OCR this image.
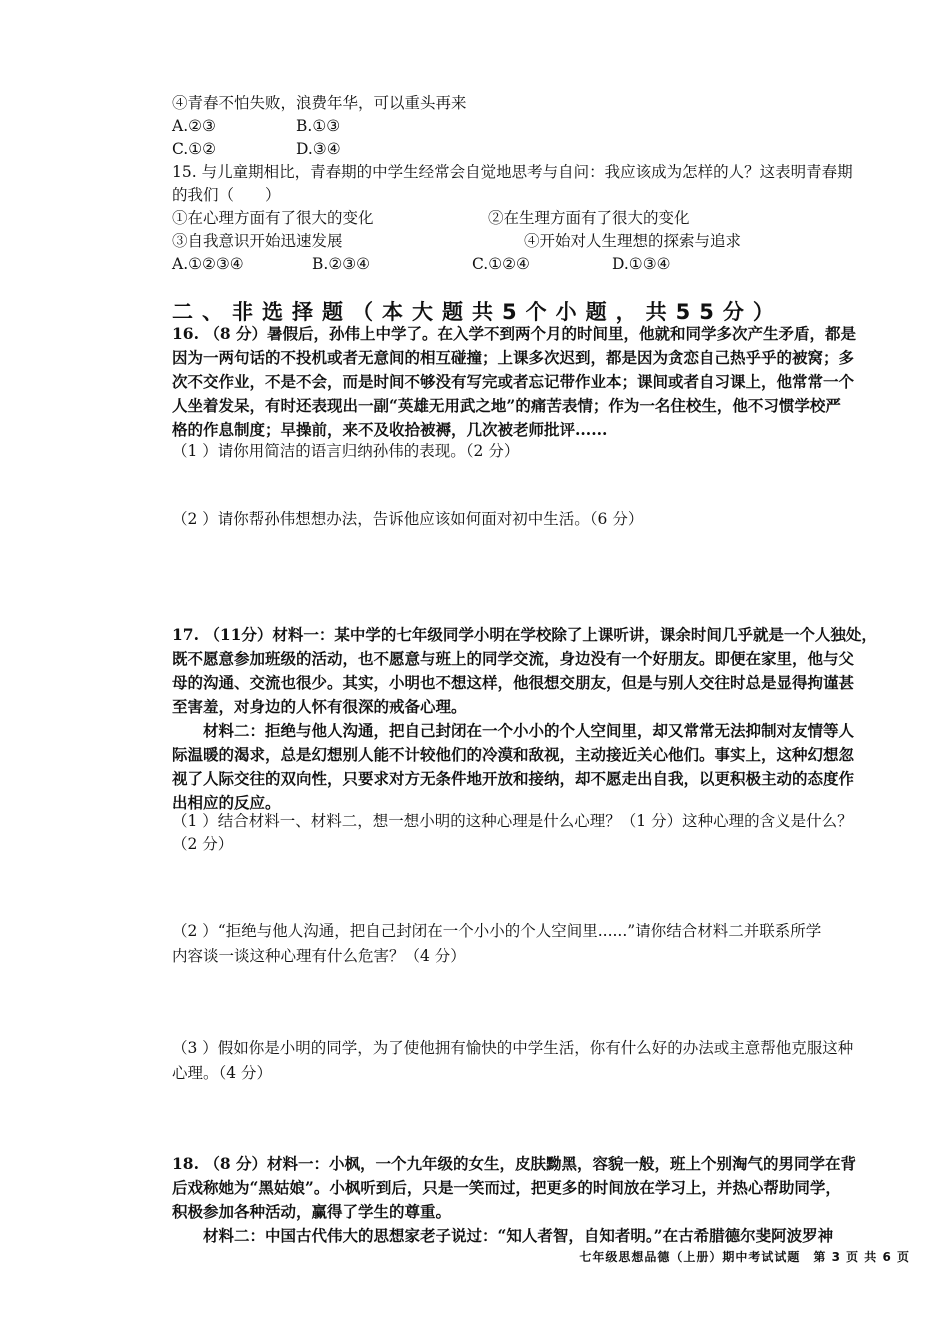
④青春不怕失败，浪费年华，可以重头再来
A.②③	B.①③
C.①②	D.③④
15. 与儿童期相比，青春期的中学生经常会自觉地思考与自问：我应该成为怎样的人？这表明青春期
的我们（　　）
①在心理方面有了很大的变化	②在生理方面有了很大的变化
③自我意识开始迅速发展	④开始对人生理想的探索与追求
A.①②③④	B.②③④	C.①②④	D.①③④
二、非选择题（本大题共5个小题，共55分）
16. （8 分）暑假后，孙伟上中学了。在入学不到两个月的时间里，他就和同学多次产生矛盾，都是
因为一两句话的不投机或者无意间的相互碰撞；上课多次迟到，都是因为贪恋自己热乎乎的被窝；多
次不交作业，不是不会，而是时间不够没有写完或者忘记带作业本；课间或者自习课上，他常常一个
人坐着发呆，有时还表现出一副“英雄无用武之地”的痛苦表情；作为一名住校生，他不习惯学校严
格的作息制度；早操前，来不及收拾被褥，几次被老师批评......
（1 ）请你用简洁的语言归纳孙伟的表现。（2 分）
（2 ）请你帮孙伟想想办法，告诉他应该如何面对初中生活。（6 分）
17. （11分）材料一：某中学的七年级同学小明在学校除了上课听讲，课余时间几乎就是一个人独处，
既不愿意参加班级的活动，也不愿意与班上的同学交流，身边没有一个好朋友。即便在家里，他与父
母的沟通、交流也很少。其实，小明也不想这样，他很想交朋友，但是与别人交往时总是显得拘谨甚
至害羞，对身边的人怀有很深的戒备心理。
　　材料二：拒绝与他人沟通，把自己封闭在一个小小的个人空间里，却又常常无法抑制对友情等人
际温暖的渴求，总是幻想别人能不计较他们的冷漠和敌视，主动接近关心他们。事实上，这种幻想忽
视了人际交往的双向性，只要求对方无条件地开放和接纳，却不愿走出自我，以更积极主动的态度作
出相应的反应。
（1 ）结合材料一、材料二，想一想小明的这种心理是什么心理？（1 分）这种心理的含义是什么？
（2 分）
（2 ）“拒绝与他人沟通，把自己封闭在一个小小的个人空间里......”请你结合材料二并联系所学
内容谈一谈这种心理有什么危害？（4 分）
（3 ）假如你是小明的同学，为了使他拥有愉快的中学生活，你有什么好的办法或主意帮他克服这种
心理。（4 分）
18. （8 分）材料一：小枫，一个九年级的女生，皮肤黝黑，容貌一般，班上个别淘气的男同学在背
后戏称她为“黑姑娘”。小枫听到后，只是一笑而过，把更多的时间放在学习上，并热心帮助同学，
积极参加各种活动，赢得了学生的尊重。
　　材料二：中国古代伟大的思想家老子说过：“知人者智，自知者明。”在古希腊德尔斐阿波罗神
七年级思想品德（上册）期中考试试题　第 3 页 共 6 页
